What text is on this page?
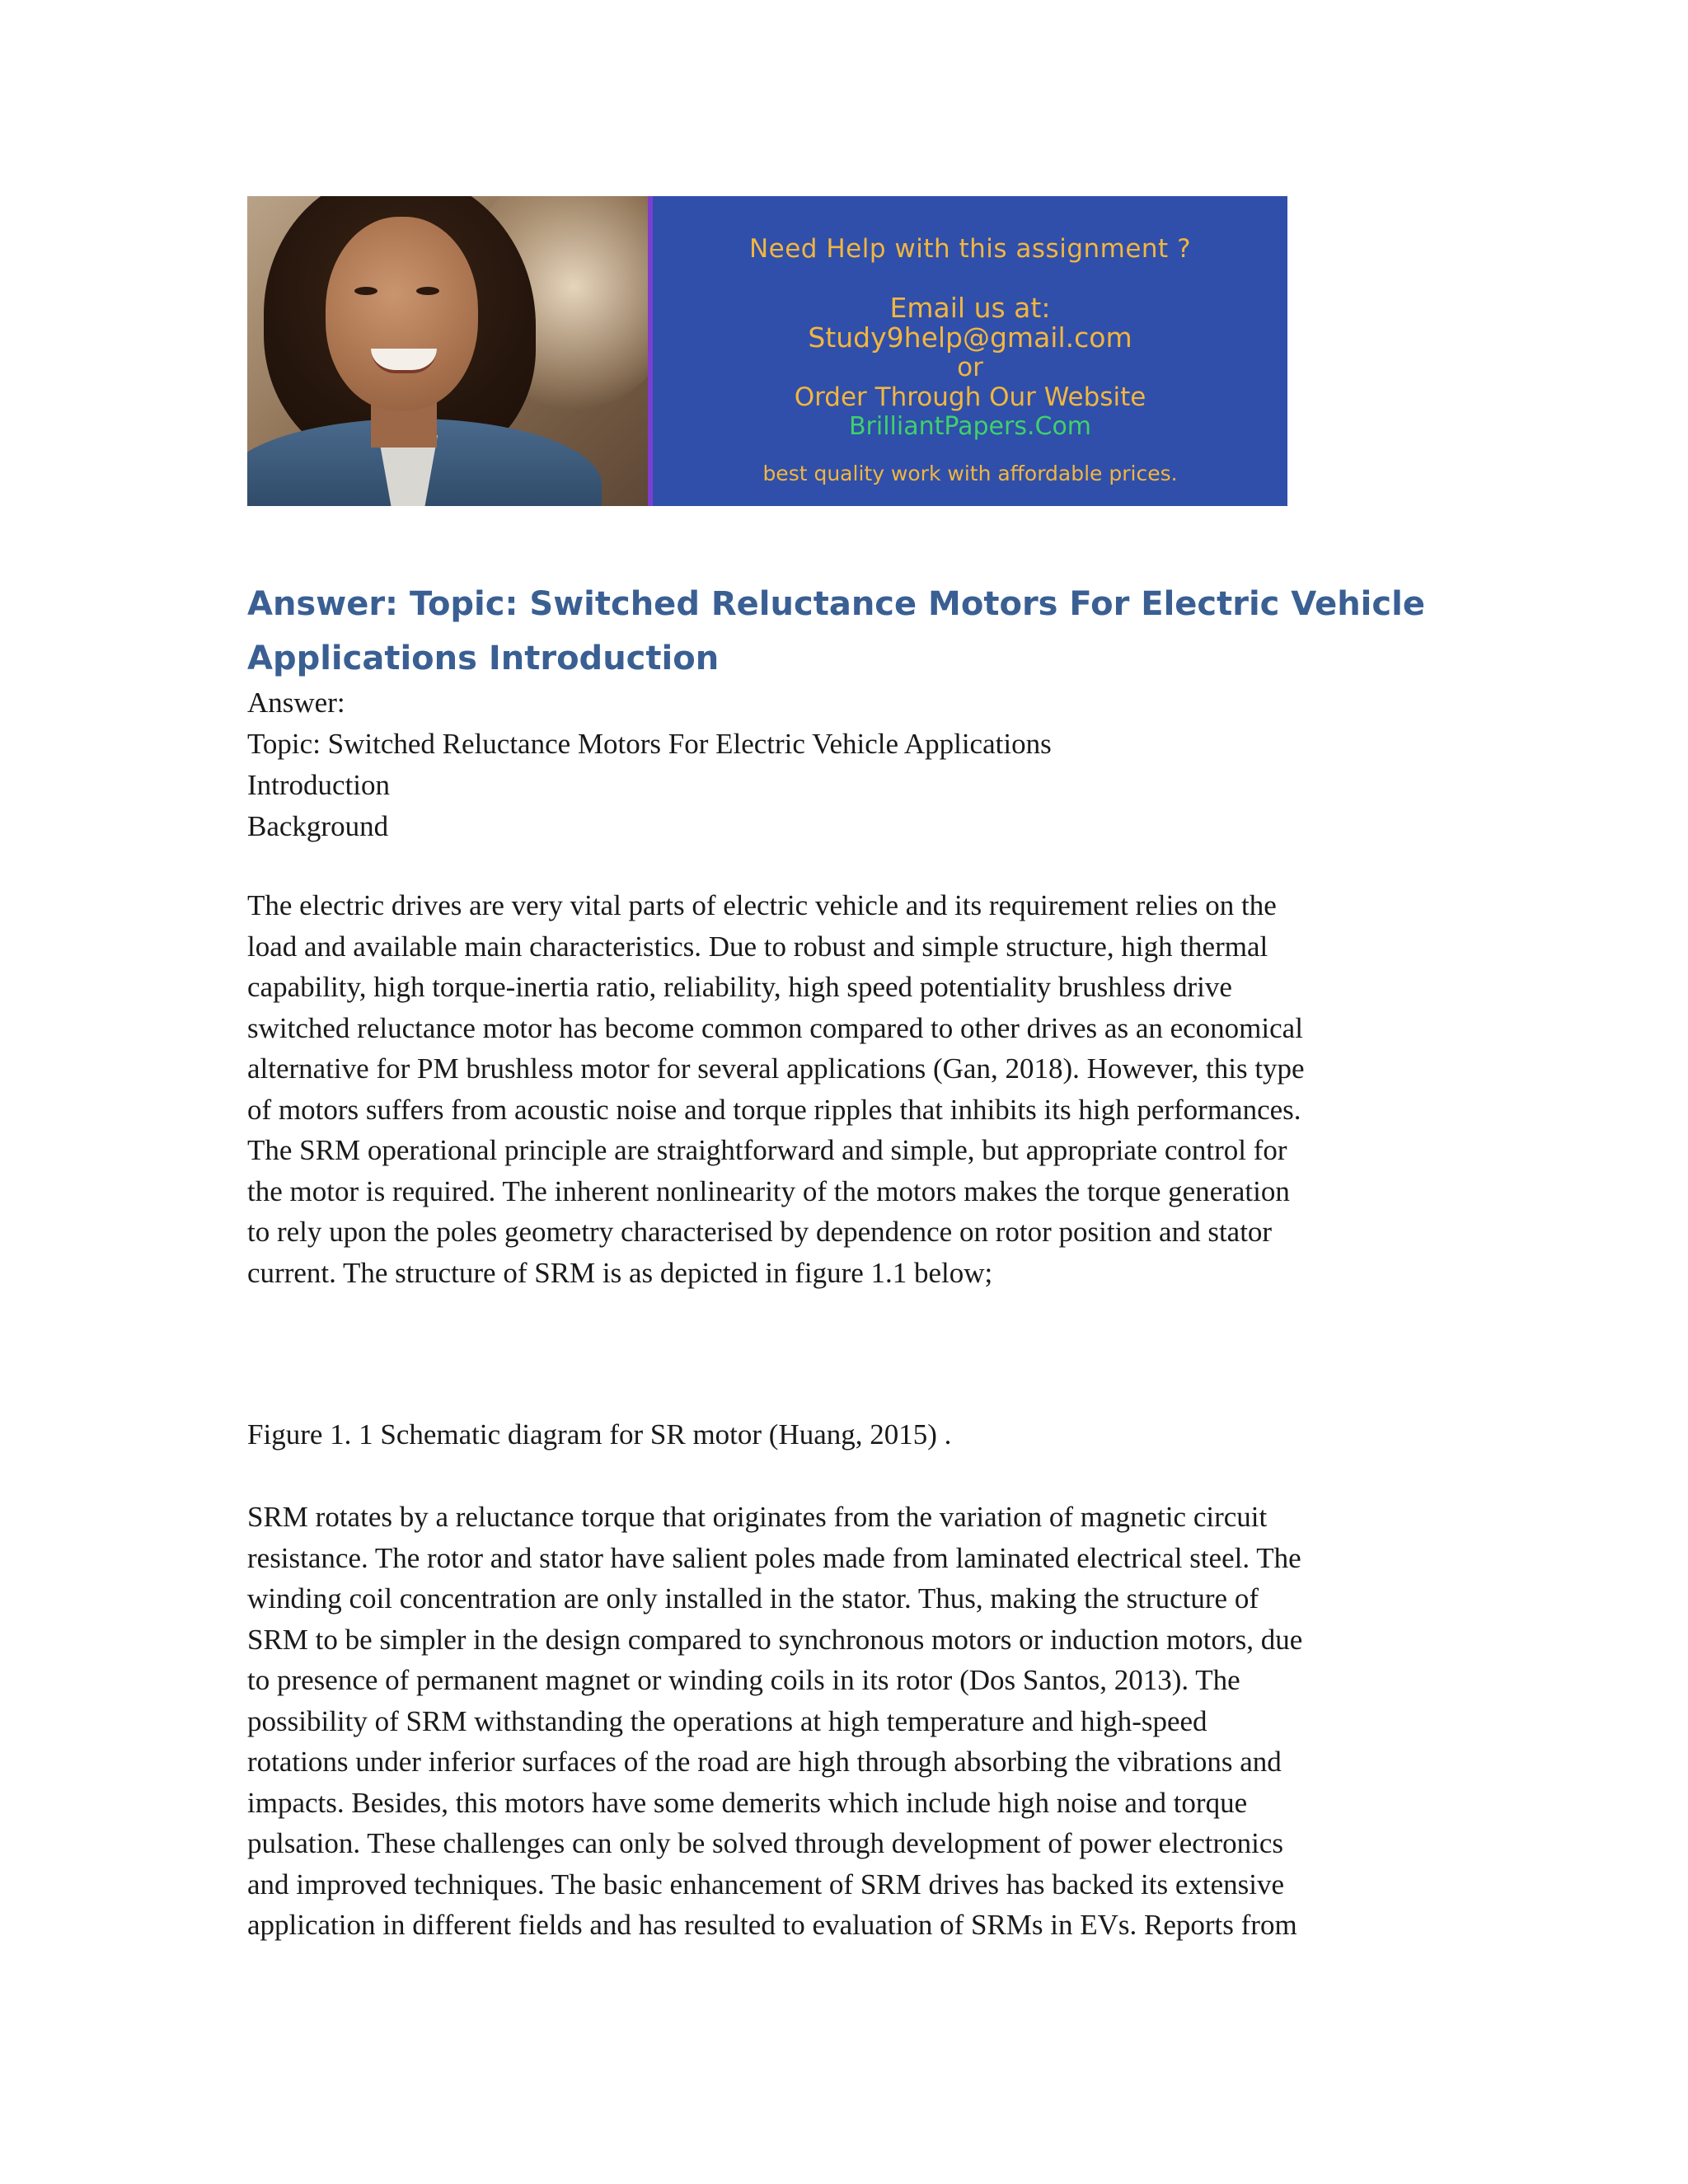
Need Help with this assignment ?
Email us at:
Study9help@gmail.com
or
Order Through Our Website
BrilliantPapers.Com
best quality work with affordable prices.
Answer: Topic: Switched Reluctance Motors For Electric Vehicle Applications Introduction
Answer:
Topic: Switched Reluctance Motors For Electric Vehicle Applications
Introduction
Background

The electric drives are very vital parts of electric vehicle and its requirement relies on the
load and available main characteristics. Due to robust and simple structure, high thermal
capability, high torque-inertia ratio, reliability, high speed potentiality brushless drive
switched reluctance motor has become common compared to other drives as an economical
alternative for PM brushless motor for several applications (Gan, 2018). However, this type
of motors suffers from acoustic noise and torque ripples that inhibits its high performances.
The SRM operational principle are straightforward and simple, but appropriate control for
the motor is required. The inherent nonlinearity of the motors makes the torque generation
to rely upon the poles geometry characterised by dependence on rotor position and stator
current. The structure of SRM is as depicted in figure 1.1 below;

Figure 1. 1 Schematic diagram for SR motor (Huang, 2015) .

SRM rotates by a reluctance torque that originates from the variation of magnetic circuit
resistance. The rotor and stator have salient poles made from laminated electrical steel. The
winding coil concentration are only installed in the stator. Thus, making the structure of
SRM to be simpler in the design compared to synchronous motors or induction motors, due
to presence of permanent magnet or winding coils in its rotor (Dos Santos, 2013). The
possibility of SRM withstanding the operations at high temperature and high-speed
rotations under inferior surfaces of the road are high through absorbing the vibrations and
impacts. Besides, this motors have some demerits which include high noise and torque
pulsation. These challenges can only be solved through development of power electronics
and improved techniques. The basic enhancement of SRM drives has backed its extensive
application in different fields and has resulted to evaluation of SRMs in EVs. Reports from
